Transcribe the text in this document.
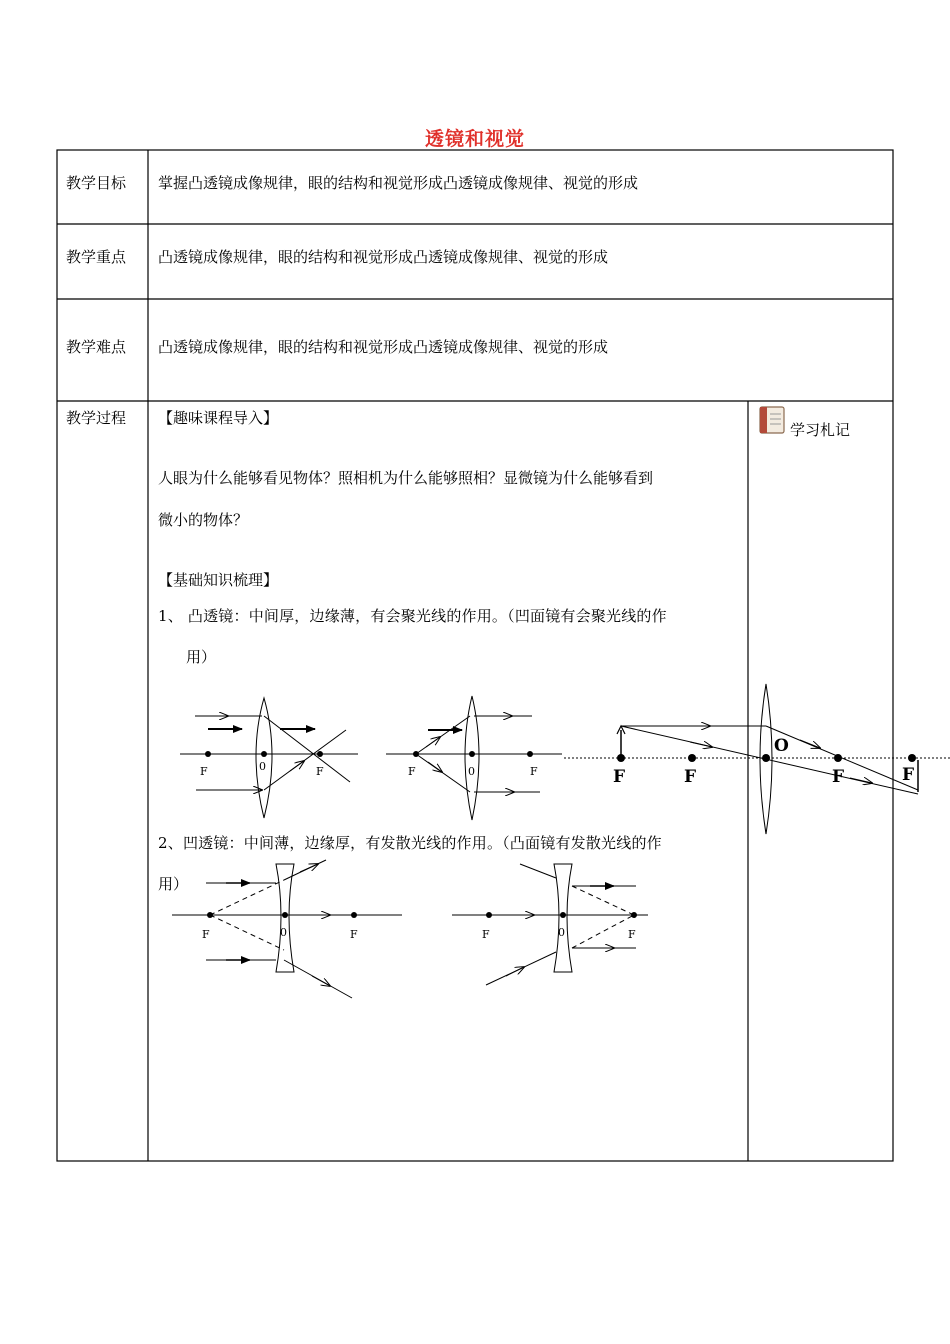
透镜和视觉
教学目标 掌握凸透镜成像规律，眼的结构和视觉形成凸透镜成像规律、视觉的形成
教学重点 凸透镜成像规律，眼的结构和视觉形成凸透镜成像规律、视觉的形成
教学难点 凸透镜成像规律，眼的结构和视觉形成凸透镜成像规律、视觉的形成
教学过程
学习札记
【趣味课程导入】
人眼为什么能够看见物体？照相机为什么能够照相？显微镜为什么能够看到
微小的物体？
【基础知识梳理】
1、 凸透镜：中间厚，边缘薄，有会聚光线的作用。（凹面镜有会聚光线的作
用）
2、凹透镜：中间薄，边缘厚，有发散光线的作用。（凸面镜有发散光线的作
用）
F	0	F	F	0	F	F	F
O
F	F
F	0	F	F	0	F
